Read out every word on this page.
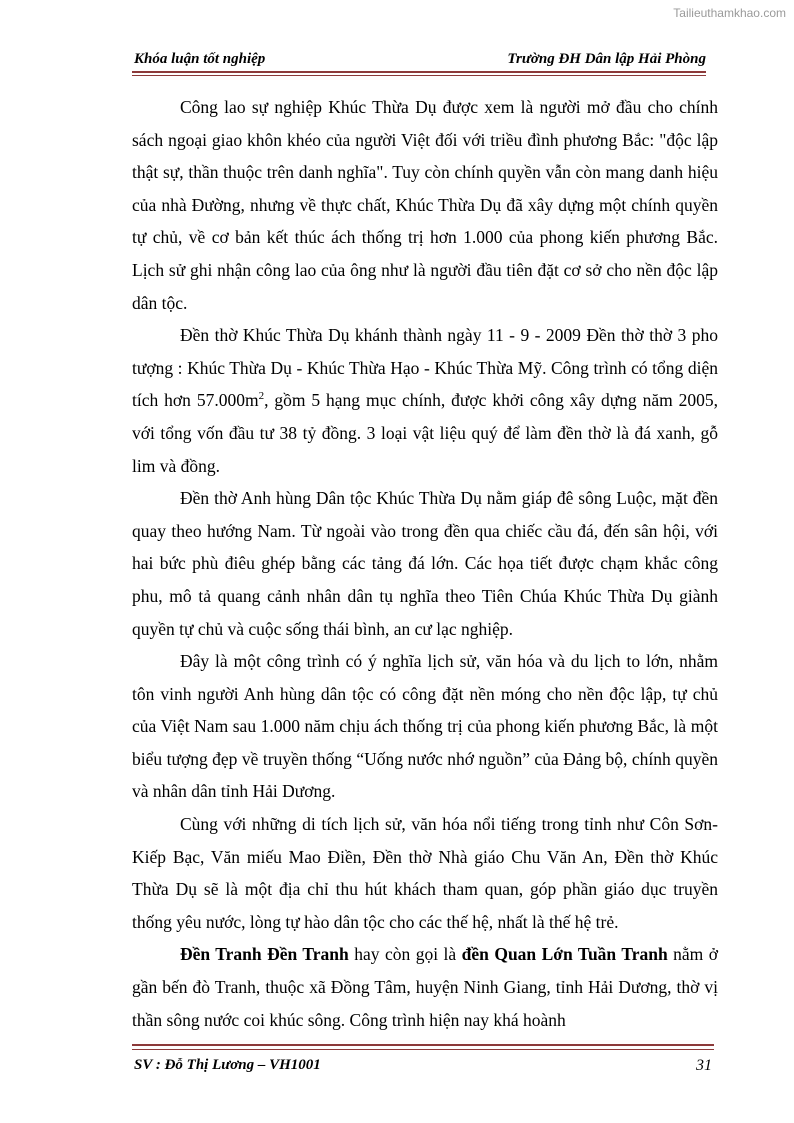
Tailieuthamkhao.com
Khóa luận tốt nghiệp	Trường ĐH Dân lập Hải Phòng

Công lao sự nghiệp Khúc Thừa Dụ được xem là người mở đầu cho chính sách ngoại giao khôn khéo của người Việt đối với triều đình phương Bắc: "độc lập thật sự, thần thuộc trên danh nghĩa". Tuy còn chính quyền vẫn còn mang danh hiệu của nhà Đường, nhưng về thực chất, Khúc Thừa Dụ đã xây dựng một chính quyền tự chủ, về cơ bản kết thúc ách thống trị hơn 1.000 của phong kiến phương Bắc. Lịch sử ghi nhận công lao của ông như là người đầu tiên đặt cơ sở cho nền độc lập dân tộc.

Đền thờ Khúc Thừa Dụ khánh thành ngày 11 - 9 - 2009 Đền thờ thờ 3 pho tượng : Khúc Thừa Dụ - Khúc Thừa Hạo - Khúc Thừa Mỹ. Công trình có tổng diện tích hơn $57.000m^2$, gồm 5 hạng mục chính, được khởi công xây dựng năm 2005, với tổng vốn đầu tư 38 tỷ đồng. 3 loại vật liệu quý để làm đền thờ là đá xanh, gỗ lim và đồng.

Đền thờ Anh hùng Dân tộc Khúc Thừa Dụ nằm giáp đê sông Luộc, mặt đền quay theo hướng Nam. Từ ngoài vào trong đền qua chiếc cầu đá, đến sân hội, với hai bức phù điêu ghép bằng các tảng đá lớn. Các họa tiết được chạm khắc công phu, mô tả quang cảnh nhân dân tụ nghĩa theo Tiên Chúa Khúc Thừa Dụ giành quyền tự chủ và cuộc sống thái bình, an cư lạc nghiệp.

Đây là một công trình có ý nghĩa lịch sử, văn hóa và du lịch to lớn, nhằm tôn vinh người Anh hùng dân tộc có công đặt nền móng cho nền độc lập, tự chủ của Việt Nam sau 1.000 năm chịu ách thống trị của phong kiến phương Bắc, là một biểu tượng đẹp về truyền thống “Uống nước nhớ nguồn” của Đảng bộ, chính quyền và nhân dân tỉnh Hải Dương.

Cùng với những di tích lịch sử, văn hóa nổi tiếng trong tỉnh như Côn Sơn-Kiếp Bạc, Văn miếu Mao Điền, Đền thờ Nhà giáo Chu Văn An, Đền thờ Khúc Thừa Dụ sẽ là một địa chỉ thu hút khách tham quan, góp phần giáo dục truyền thống yêu nước, lòng tự hào dân tộc cho các thế hệ, nhất là thế hệ trẻ.

Đền Tranh Đền Tranh hay còn gọi là đền Quan Lớn Tuần Tranh nằm ở gần bến đò Tranh, thuộc xã Đồng Tâm, huyện Ninh Giang, tỉnh Hải Dương, thờ vị thần sông nước coi khúc sông. Công trình hiện nay khá hoành

SV : Đỗ Thị Lương – VH1001	31
